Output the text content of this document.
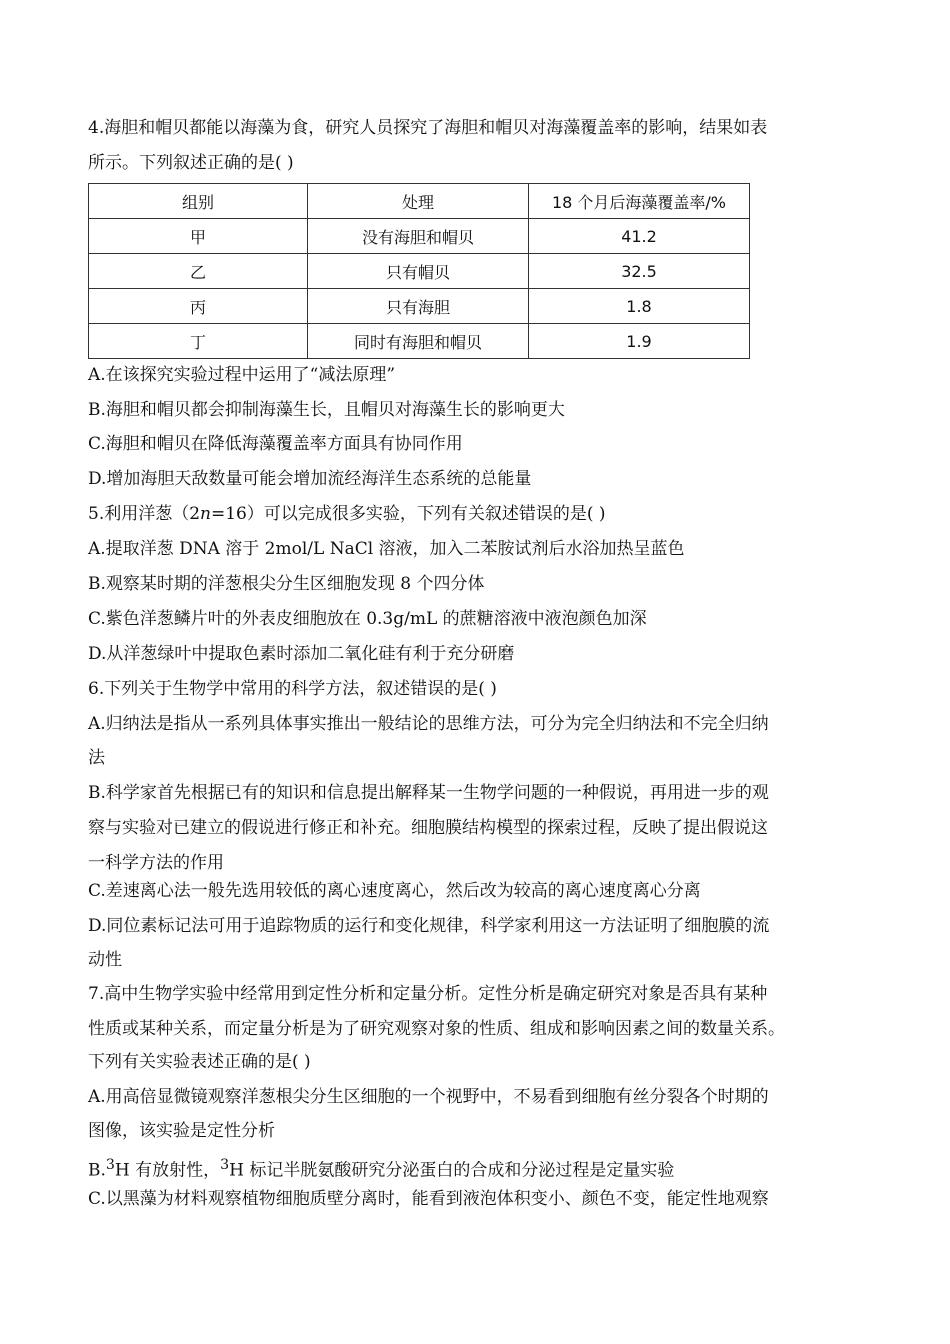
4.海胆和帽贝都能以海藻为食，研究人员探究了海胆和帽贝对海藻覆盖率的影响，结果如表
所示。下列叙述正确的是( )
组别	处理	18 个月后海藻覆盖率/%
甲	没有海胆和帽贝	41.2
乙	只有帽贝	32.5
丙	只有海胆	1.8
丁	同时有海胆和帽贝	1.9
A.在该探究实验过程中运用了“减法原理”
B.海胆和帽贝都会抑制海藻生长，且帽贝对海藻生长的影响更大
C.海胆和帽贝在降低海藻覆盖率方面具有协同作用
D.增加海胆天敌数量可能会增加流经海洋生态系统的总能量
5.利用洋葱（2n=16）可以完成很多实验，下列有关叙述错误的是( )
A.提取洋葱 DNA 溶于 2mol/L NaCl 溶液，加入二苯胺试剂后水浴加热呈蓝色
B.观察某时期的洋葱根尖分生区细胞发现 8 个四分体
C.紫色洋葱鳞片叶的外表皮细胞放在 0.3g/mL 的蔗糖溶液中液泡颜色加深
D.从洋葱绿叶中提取色素时添加二氧化硅有利于充分研磨
6.下列关于生物学中常用的科学方法，叙述错误的是( )
A.归纳法是指从一系列具体事实推出一般结论的思维方法，可分为完全归纳法和不完全归纳
法
B.科学家首先根据已有的知识和信息提出解释某一生物学问题的一种假说，再用进一步的观
察与实验对已建立的假说进行修正和补充。细胞膜结构模型的探索过程，反映了提出假说这
一科学方法的作用
C.差速离心法一般先选用较低的离心速度离心，然后改为较高的离心速度离心分离
D.同位素标记法可用于追踪物质的运行和变化规律，科学家利用这一方法证明了细胞膜的流
动性
7.高中生物学实验中经常用到定性分析和定量分析。定性分析是确定研究对象是否具有某种
性质或某种关系，而定量分析是为了研究观察对象的性质、组成和影响因素之间的数量关系。
下列有关实验表述正确的是( )
A.用高倍显微镜观察洋葱根尖分生区细胞的一个视野中，不易看到细胞有丝分裂各个时期的
图像，该实验是定性分析
B.$^3$H 有放射性，$^3$H 标记半胱氨酸研究分泌蛋白的合成和分泌过程是定量实验
C.以黑藻为材料观察植物细胞质壁分离时，能看到液泡体积变小、颜色不变，能定性地观察
